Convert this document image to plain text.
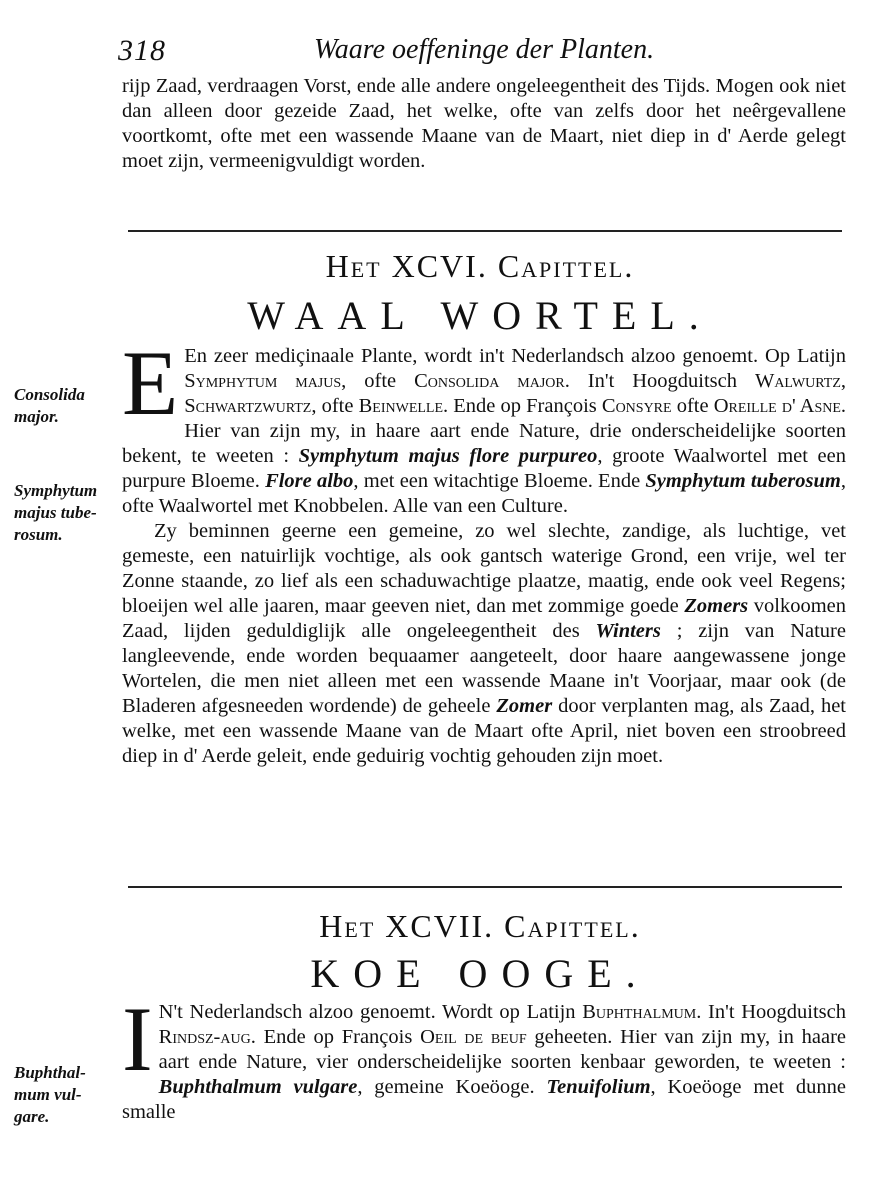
318	Waare oeffeninge der Planten.

rijp Zaad, verdraagen Vorst, ende alle andere ongeleegentheit des Tijds. Mogen ook niet dan alleen door gezeide Zaad, het welke, ofte van zelfs door het neêrgevallene voortkomt, ofte met een wassende Maane van de Maart, niet diep in d' Aerde gelegt moet zijn, vermeenigvuldigt worden.

Het XCVI. Capittel.
WAAL WORTEL.

E En zeer mediçinaale Plante, wordt in't Nederlandsch alzoo genoemt. Op Latijn Symphytum majus, ofte Consolida major. In't Hoogduitsch Walwurtz, Schwartzwurtz, ofte Beinwelle. Ende op François Consyre ofte Oreille d' Asne. Hier van zijn my, in haare aart ende Nature, drie onderscheidelijke soorten bekent, te weeten : Symphytum majus flore purpureo, groote Waalwortel met een purpure Bloeme. Flore albo, met een witachtige Bloeme. Ende Symphytum tuberosum, ofte Waalwortel met Knobbelen. Alle van een Culture.

Zy beminnen geerne een gemeine, zo wel slechte, zandige, als luchtige, vet gemeste, een natuirlijk vochtige, als ook gantsch waterige Grond, een vrije, wel ter Zonne staande, zo lief als een schaduwachtige plaatze, maatig, ende ook veel Regens; bloeijen wel alle jaaren, maar geeven niet, dan met zommige goede Zomers volkoomen Zaad, lijden geduldiglijk alle ongeleegentheit des Winters ; zijn van Nature langleevende, ende worden bequaamer aangeteelt, door haare aangewassene jonge Wortelen, die men niet alleen met een wassende Maane in't Voorjaar, maar ook (de Bladeren afgesneeden wordende) de geheele Zomer door verplanten mag, als Zaad, het welke, met een wassende Maane van de Maart ofte April, niet boven een stroobreed diep in d' Aerde geleit, ende geduirig vochtig gehouden zijn moet.

Consolida
major.
Symphytum
majus tube-
rosum.
Het XCVII. Capittel.
KOE OOGE.

I N't Nederlandsch alzoo genoemt. Wordt op Latijn Buphthalmum. In't Hoogduitsch Rindsz-aug. Ende op François Oeil de beuf geheeten. Hier van zijn my, in haare aart ende Nature, vier onderscheidelijke soorten kenbaar geworden, te weeten : Buphthalmum vulgare, gemeine Koeöoge. Tenuifolium, Koeöoge met dunne smalle

Buphthal-
mum vul-
gare.
